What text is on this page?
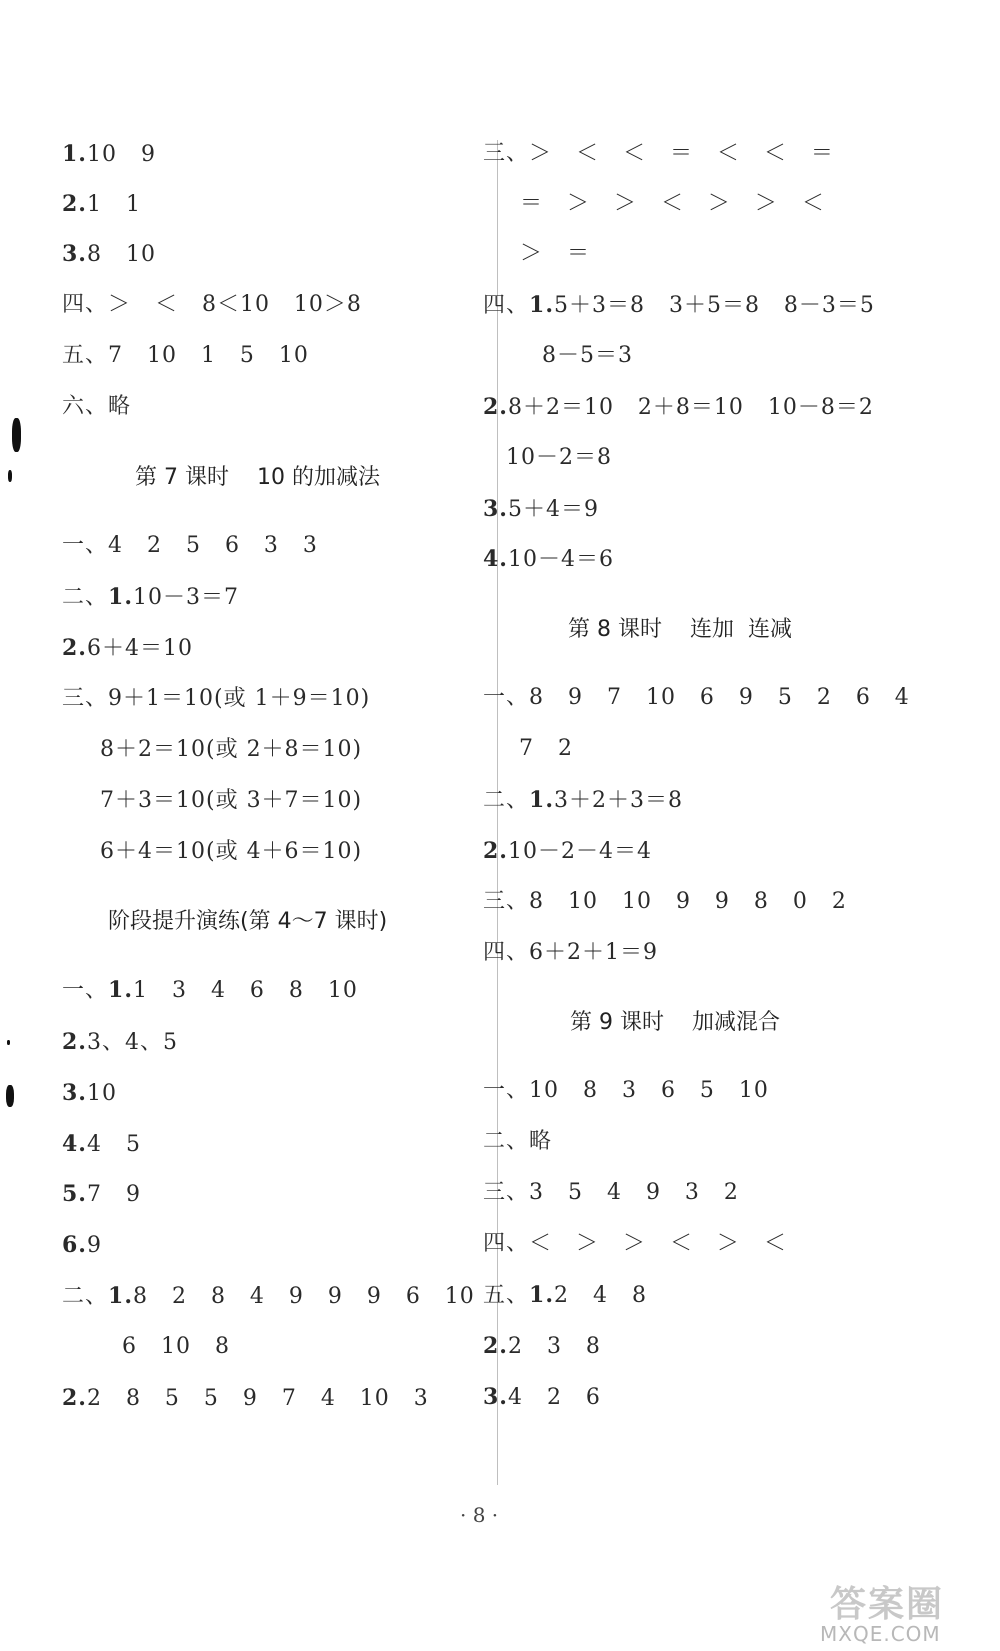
1.10   9
2.1   1
3.8   10
四、＞   ＜   8＜10   10＞8
五、7   10   1   5   10
六、略
第 7 课时    10 的加减法
一、4   2   5   6   3   3
二、1.10－3＝7
2.6＋4＝10
三、9＋1＝10(或 1＋9＝10)
8＋2＝10(或 2＋8＝10)
7＋3＝10(或 3＋7＝10)
6＋4＝10(或 4＋6＝10)
阶段提升演练(第 4～7 课时)
一、1.1   3   4   6   8   10
2.3、4、5
3.10
4.4   5
5.7   9
6.9
二、1.8   2   8   4   9   9   9   6   10
6   10   8
2.2   8   5   5   9   7   4   10   3
三、＞   ＜   ＜   ＝   ＜   ＜   ＝
＝   ＞   ＞   ＜   ＞   ＞   ＜
＞   ＝
四、1.5＋3＝8   3＋5＝8   8－3＝5
8－5＝3
2.8＋2＝10   2＋8＝10   10－8＝2
10－2＝8
3.5＋4＝9
4.10－4＝6
第 8 课时    连加  连减
一、8   9   7   10   6   9   5   2   6   4
7   2
二、1.3＋2＋3＝8
2.10－2－4＝4
三、8   10   10   9   9   8   0   2
四、6＋2＋1＝9
第 9 课时    加减混合
一、10   8   3   6   5   10
二、略
三、3   5   4   9   3   2
四、＜   ＞   ＞   ＜   ＞   ＜
五、1.2   4   8
2.2   3   8
3.4   2   6
· 8 ·
答案圈
MXQE.COM
